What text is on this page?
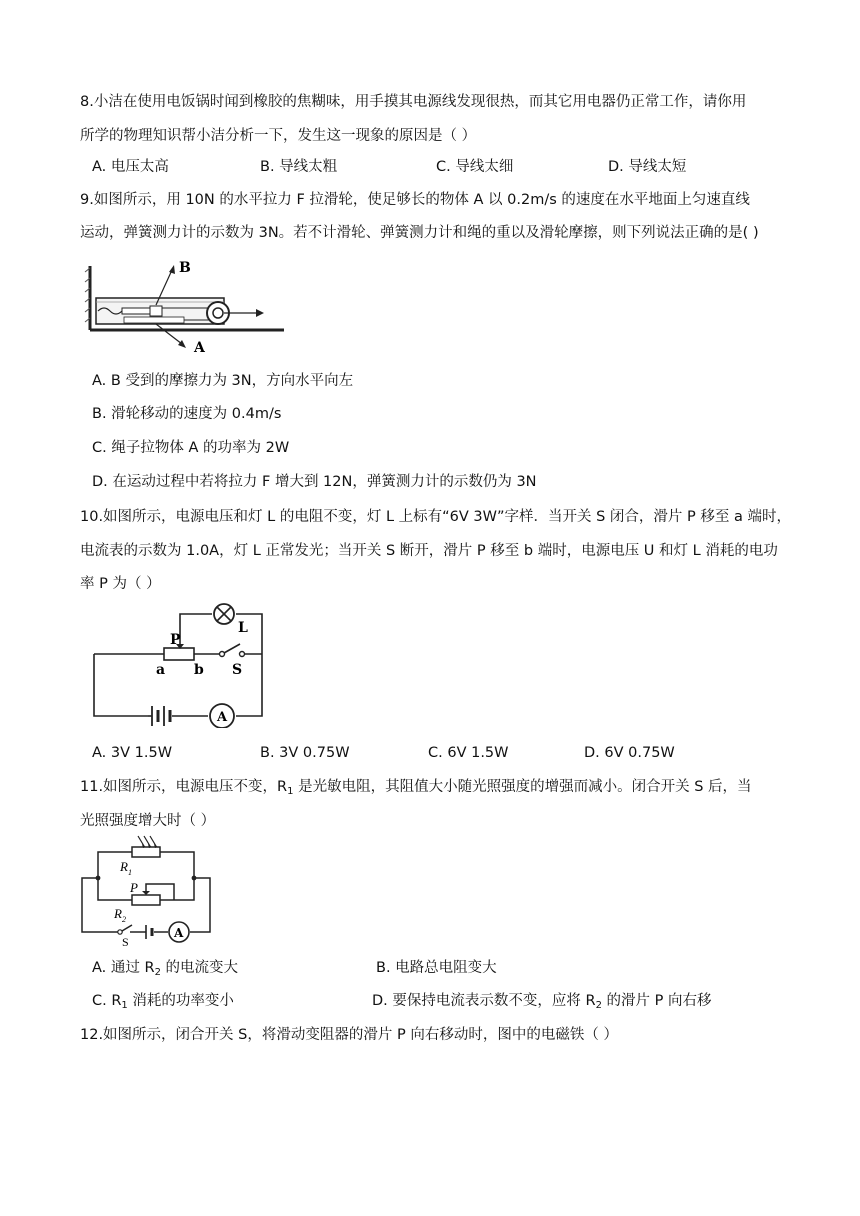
8.小洁在使用电饭锅时闻到橡胶的焦糊味，用手摸其电源线发现很热，而其它用电器仍正常工作，请你用
所学的物理知识帮小洁分析一下，发生这一现象的原因是（ ）
A. 电压太高	B. 导线太粗	C. 导线太细	D. 导线太短
9.如图所示，用 10N 的水平拉力 F 拉滑轮，使足够长的物体 A 以 0.2m/s 的速度在水平地面上匀速直线
运动，弹簧测力计的示数为 3N。若不计滑轮、弹簧测力计和绳的重以及滑轮摩擦，则下列说法正确的是( )
B
A
A. B 受到的摩擦力为 3N，方向水平向左
B. 滑轮移动的速度为 0.4m/s
C. 绳子拉物体 A 的功率为 2W
D. 在运动过程中若将拉力 F 增大到 12N，弹簧测力计的示数仍为 3N
10.如图所示，电源电压和灯 L 的电阻不变，灯 L 上标有“6V 3W”字样．当开关 S 闭合，滑片 P 移至 a 端时，
电流表的示数为 1.0A，灯 L 正常发光；当开关 S 断开，滑片 P 移至 b 端时，电源电压 U 和灯 L 消耗的电功
率 P 为（ ）
A
P
L
a b S
A. 3V 1.5W	B. 3V 0.75W	C. 6V 1.5W	D. 6V 0.75W
11.如图所示，电源电压不变，$R_1$ 是光敏电阻，其阻值大小随光照强度的增强而减小。闭合开关 S 后，当
光照强度增大时（ ）
A
$R_1$
P
$R_2$
S
A. 通过 $R_2$ 的电流变大	B. 电路总电阻变大
C. $R_1$ 消耗的功率变小	D. 要保持电流表示数不变，应将 $R_2$ 的滑片 P 向右移
12.如图所示，闭合开关 S，将滑动变阻器的滑片 P 向右移动时，图中的电磁铁（ ）
